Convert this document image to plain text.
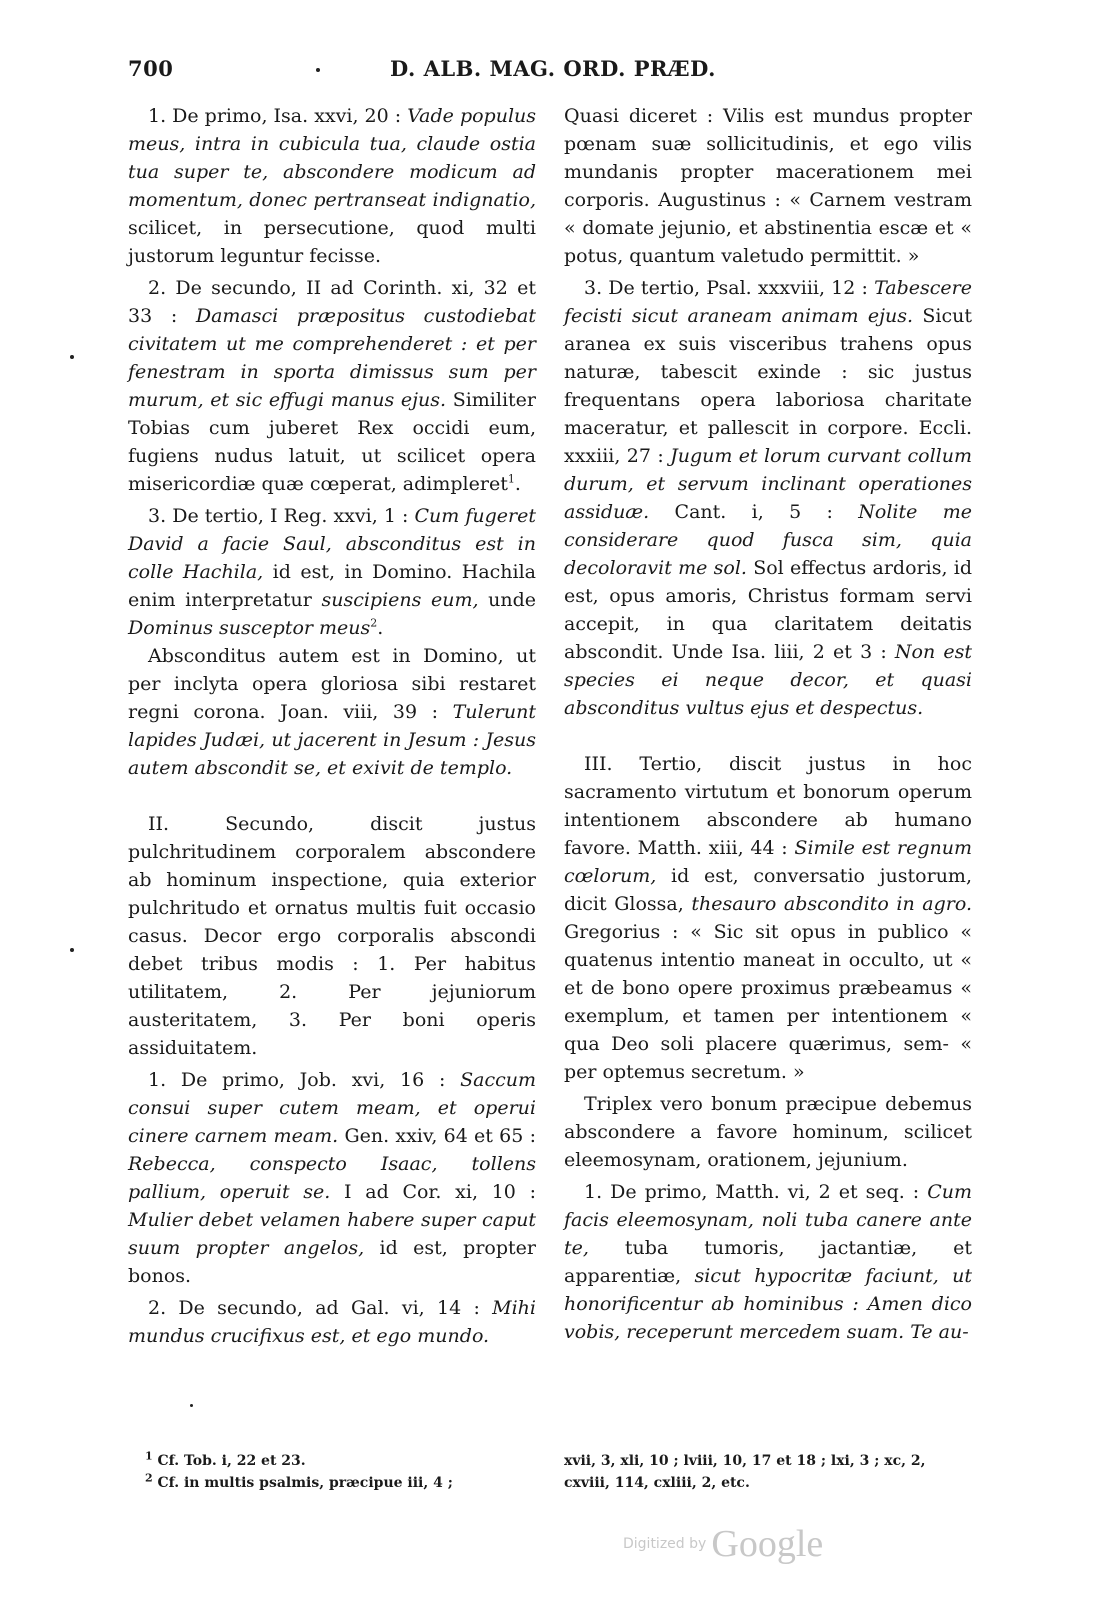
700	D. ALB. MAG. ORD. PRÆD.

1. De primo, Isa. xxvi, 20 : Vade populus meus, intra in cubicula tua, claude ostia tua super te, abscondere modicum ad momentum, donec pertranseat indignatio, scilicet, in persecutione, quod multi justorum leguntur fecisse.

2. De secundo, II ad Corinth. xi, 32 et 33 : Damasci præpositus custodiebat civitatem ut me comprehenderet : et per fenestram in sporta dimissus sum per murum, et sic effugi manus ejus. Similiter Tobias cum juberet Rex occidi eum, fugiens nudus latuit, ut scilicet opera misericordiæ quæ cœperat, adimpleret$^1$.

3. De tertio, I Reg. xxvi, 1 : Cum fugeret David a facie Saul, absconditus est in colle Hachila, id est, in Domino. Hachila enim interpretatur suscipiens eum, unde Dominus susceptor meus$^2$.

Absconditus autem est in Domino, ut per inclyta opera gloriosa sibi restaret regni corona. Joan. viii, 39 : Tulerunt lapides Judæi, ut jacerent in Jesum : Jesus autem abscondit se, et exivit de templo.

II. Secundo, discit justus pulchritudinem corporalem abscondere ab hominum inspectione, quia exterior pulchritudo et ornatus multis fuit occasio casus. Decor ergo corporalis abscondi debet tribus modis : 1. Per habitus utilitatem, 2. Per jejuniorum austeritatem, 3. Per boni operis assiduitatem.

1. De primo, Job. xvi, 16 : Saccum consui super cutem meam, et operui cinere carnem meam. Gen. xxiv, 64 et 65 : Rebecca, conspecto Isaac, tollens pallium, operuit se. I ad Cor. xi, 10 : Mulier debet velamen habere super caput suum propter angelos, id est, propter bonos.

2. De secundo, ad Gal. vi, 14 : Mihi mundus crucifixus est, et ego mundo.

Quasi diceret : Vilis est mundus propter pœnam suæ sollicitudinis, et ego vilis mundanis propter macerationem mei corporis. Augustinus : « Carnem vestram « domate jejunio, et abstinentia escæ et « potus, quantum valetudo permittit. »

3. De tertio, Psal. xxxviii, 12 : Tabescere fecisti sicut araneam animam ejus. Sicut aranea ex suis visceribus trahens opus naturæ, tabescit exinde : sic justus frequentans opera laboriosa charitate maceratur, et pallescit in corpore. Eccli. xxxiii, 27 : Jugum et lorum curvant collum durum, et servum inclinant operationes assiduæ. Cant. i, 5 : Nolite me considerare quod fusca sim, quia decoloravit me sol. Sol effectus ardoris, id est, opus amoris, Christus formam servi accepit, in qua claritatem deitatis abscondit. Unde Isa. liii, 2 et 3 : Non est species ei neque decor, et quasi absconditus vultus ejus et despectus.

III. Tertio, discit justus in hoc sacramento virtutum et bonorum operum intentionem abscondere ab humano favore. Matth. xiii, 44 : Simile est regnum cœlorum, id est, conversatio justorum, dicit Glossa, thesauro abscondito in agro. Gregorius : « Sic sit opus in publico « quatenus intentio maneat in occulto, ut « et de bono opere proximus præbeamus « exemplum, et tamen per intentionem « qua Deo soli placere quærimus, sem- « per optemus secretum. »

Triplex vero bonum præcipue debemus abscondere a favore hominum, scilicet eleemosynam, orationem, jejunium.

1. De primo, Matth. vi, 2 et seq. : Cum facis eleemosynam, noli tuba canere ante te, tuba tumoris, jactantiæ, et apparentiæ, sicut hypocritæ faciunt, ut honorificentur ab hominibus : Amen dico vobis, receperunt mercedem suam. Te au-

$^1$ Cf. Tob. i, 22 et 23.

$^2$ Cf. in multis psalmis, præcipue iii, 4 ;

xvii, 3, xli, 10 ; lviii, 10, 17 et 18 ; lxi, 3 ; xc, 2, cxviii, 114, cxliii, 2, etc.

Digitized by Google
